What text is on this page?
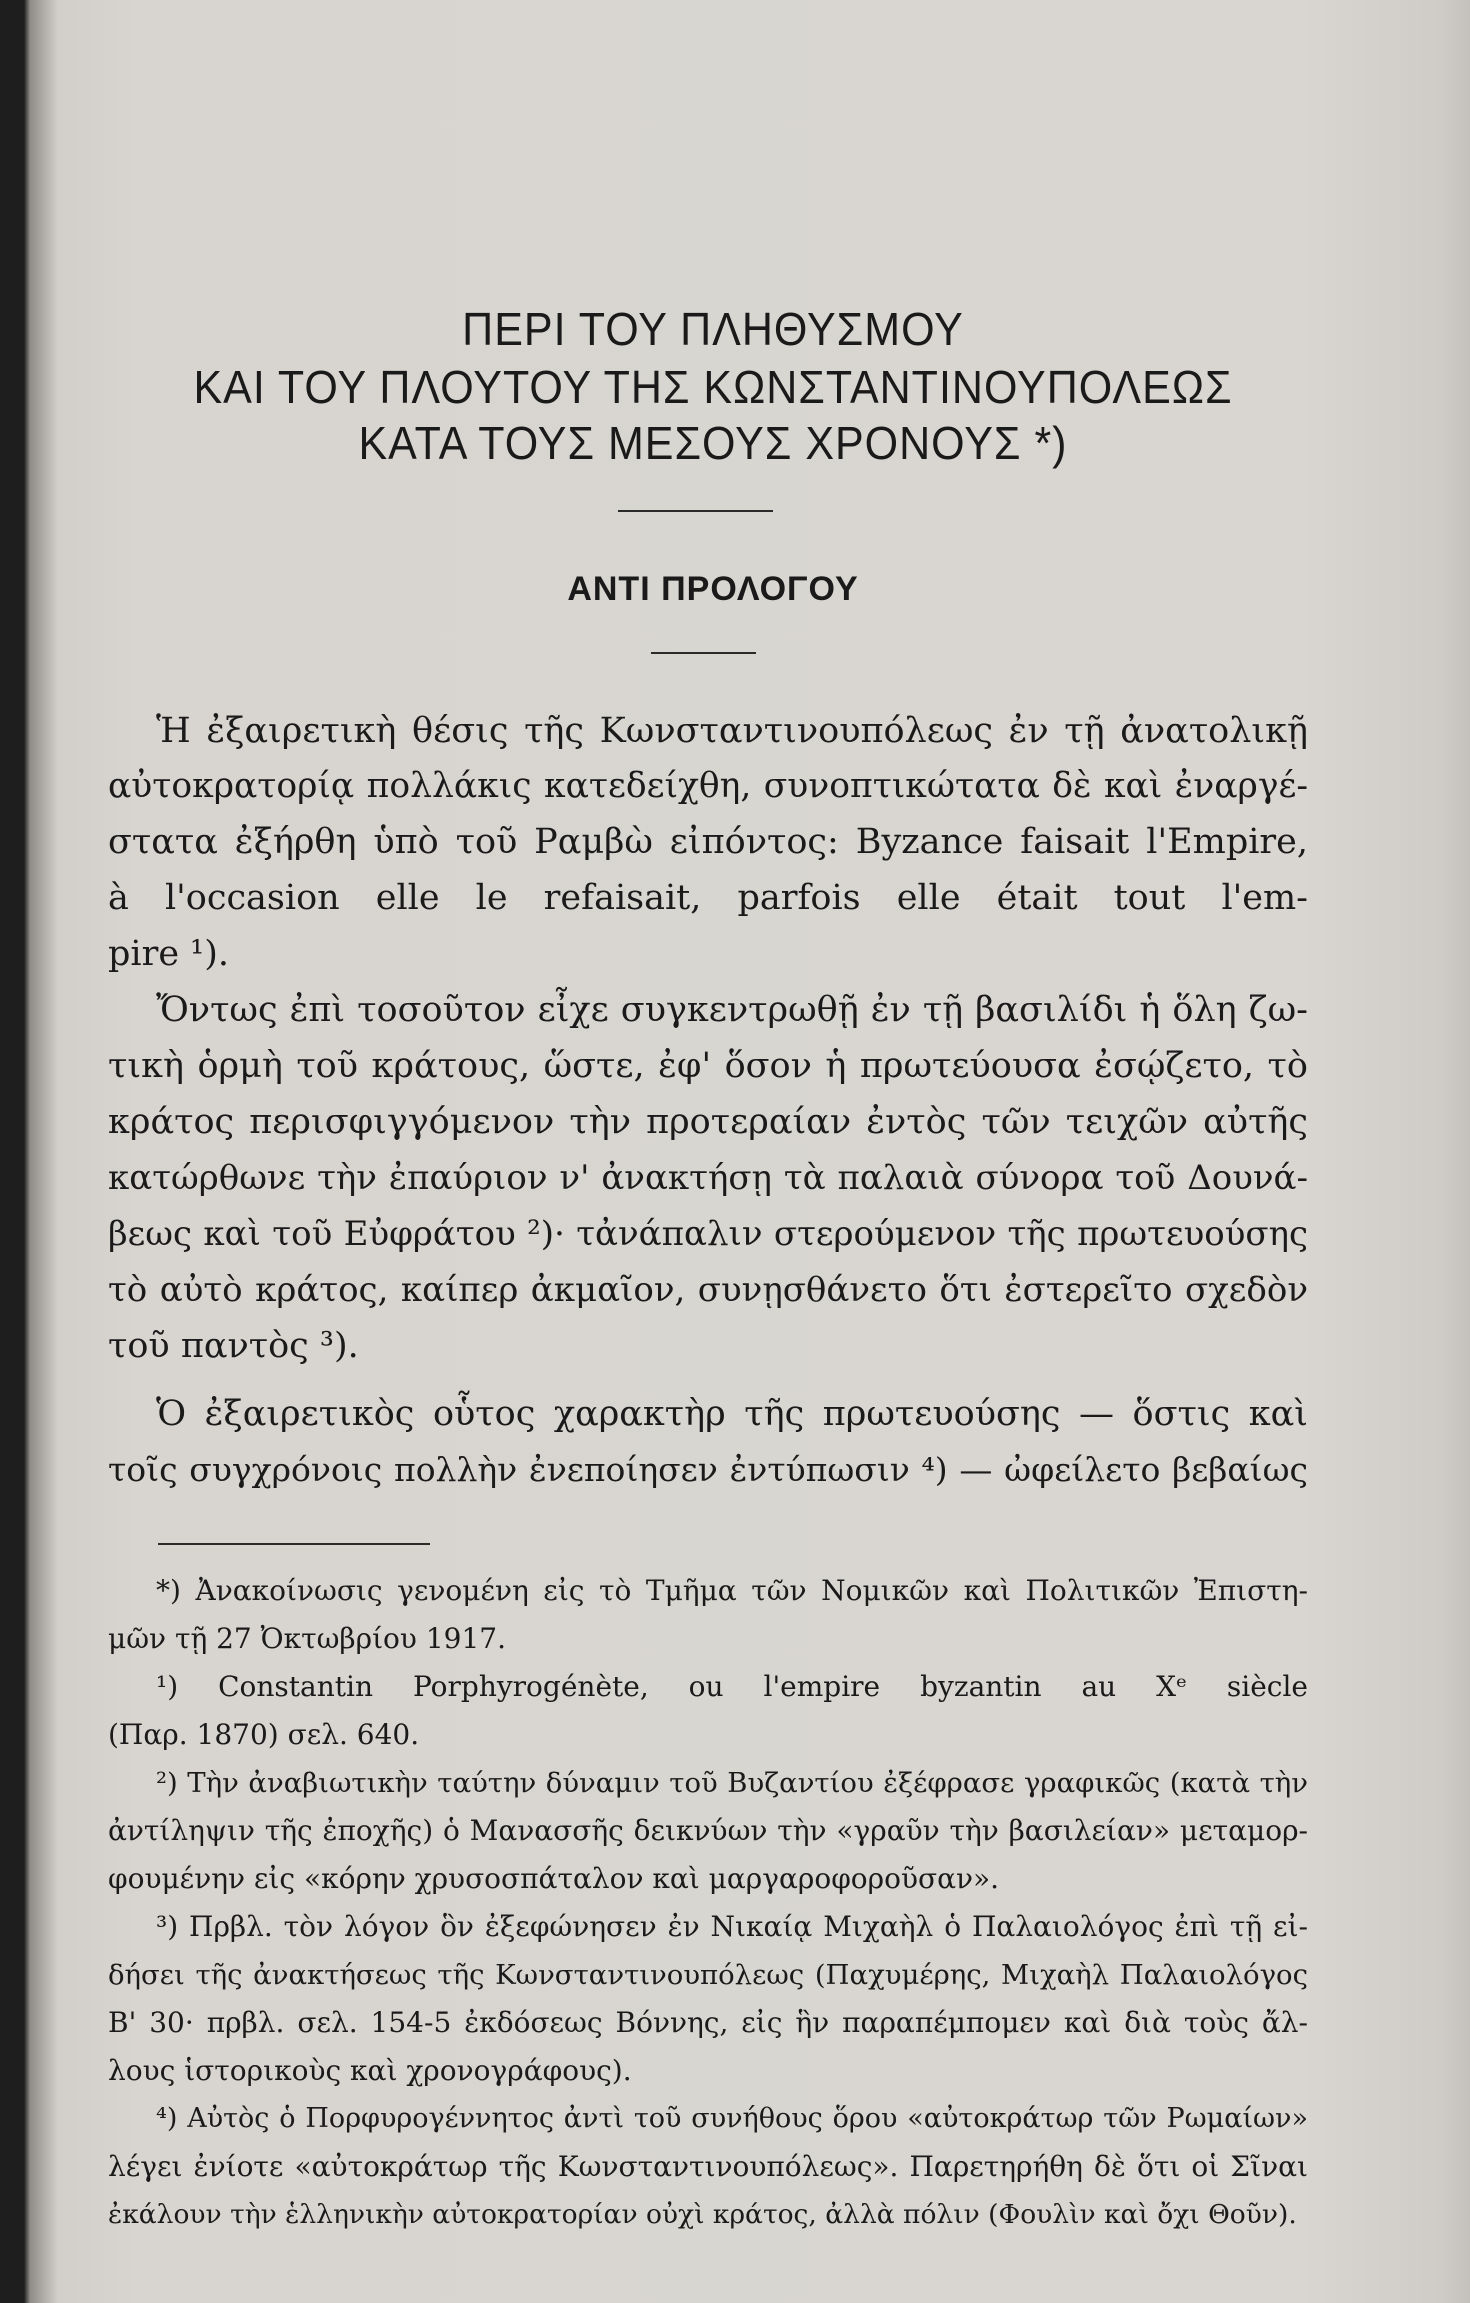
ΠΕΡΙ ΤΟΥ ΠΛΗΘΥΣΜΟΥ
ΚΑΙ ΤΟΥ ΠΛΟΥΤΟΥ ΤΗΣ ΚΩΝΣΤΑΝΤΙΝΟΥΠΟΛΕΩΣ
ΚΑΤΑ ΤΟΥΣ ΜΕΣΟΥΣ ΧΡΟΝΟΥΣ *)
ΑΝΤΙ ΠΡΟΛΟΓΟΥ
Ἡ ἐξαιρετικὴ θέσις τῆς Κωνσταντινουπόλεως ἐν τῇ ἀνατολικῇ
αὐτοκρατορίᾳ πολλάκις κατεδείχθη, συνοπτικώτατα δὲ καὶ ἐναργέ-
στατα ἐξήρθη ὑπὸ τοῦ Ραμβὼ εἰπόντος: Byzance faisait l'Empire,
à l'occasion elle le refaisait, parfois elle était tout l'em-
pire ¹).
Ὄντως ἐπὶ τοσοῦτον εἶχε συγκεντρωθῇ ἐν τῇ βασιλίδι ἡ ὅλη ζω-
τικὴ ὁρμὴ τοῦ κράτους, ὥστε, ἐφ' ὅσον ἡ πρωτεύουσα ἐσῴζετο, τὸ
κράτος περισφιγγόμενον τὴν προτεραίαν ἐντὸς τῶν τειχῶν αὐτῆς
κατώρθωνε τὴν ἐπαύριον ν' ἀνακτήσῃ τὰ παλαιὰ σύνορα τοῦ Δουνά-
βεως καὶ τοῦ Εὐφράτου ²)· τἀνάπαλιν στερούμενον τῆς πρωτευούσης
τὸ αὐτὸ κράτος, καίπερ ἀκμαῖον, συνῃσθάνετο ὅτι ἐστερεῖτο σχεδὸν
τοῦ παντὸς ³).
Ὁ ἐξαιρετικὸς οὗτος χαρακτὴρ τῆς πρωτευούσης — ὅστις καὶ
τοῖς συγχρόνοις πολλὴν ἐνεποίησεν ἐντύπωσιν ⁴) — ὠφείλετο βεβαίως
*) Ἀνακοίνωσις γενομένη εἰς τὸ Τμῆμα τῶν Νομικῶν καὶ Πολιτικῶν Ἐπιστη-
μῶν τῇ 27 Ὀκτωβρίου 1917.
¹) Constantin Porphyrogénète, ou l'empire byzantin au Xᵉ siècle
(Παρ. 1870) σελ. 640.
²) Τὴν ἀναβιωτικὴν ταύτην δύναμιν τοῦ Βυζαντίου ἐξέφρασε γραφικῶς (κατὰ τὴν
ἀντίληψιν τῆς ἐποχῆς) ὁ Μανασσῆς δεικνύων τὴν «γραῦν τὴν βασιλείαν» μεταμορ-
φουμένην εἰς «κόρην χρυσοσπάταλον καὶ μαργαροφοροῦσαν».
³) Πρβλ. τὸν λόγον ὃν ἐξεφώνησεν ἐν Νικαίᾳ Μιχαὴλ ὁ Παλαιολόγος ἐπὶ τῇ εἰ-
δήσει τῆς ἀνακτήσεως τῆς Κωνσταντινουπόλεως (Παχυμέρης, Μιχαὴλ Παλαιολόγος
Β' 30· πρβλ. σελ. 154-5 ἐκδόσεως Βόννης, εἰς ἣν παραπέμπομεν καὶ διὰ τοὺς ἄλ-
λους ἱστορικοὺς καὶ χρονογράφους).
⁴) Αὐτὸς ὁ Πορφυρογέννητος ἀντὶ τοῦ συνήθους ὅρου «αὐτοκράτωρ τῶν Ρωμαίων»
λέγει ἐνίοτε «αὐτοκράτωρ τῆς Κωνσταντινουπόλεως». Παρετηρήθη δὲ ὅτι οἱ Σῖναι
ἐκάλουν τὴν ἑλληνικὴν αὐτοκρατορίαν οὐχὶ κράτος, ἀλλὰ πόλιν (Φουλὶν καὶ ὄχι Θοῦν).
